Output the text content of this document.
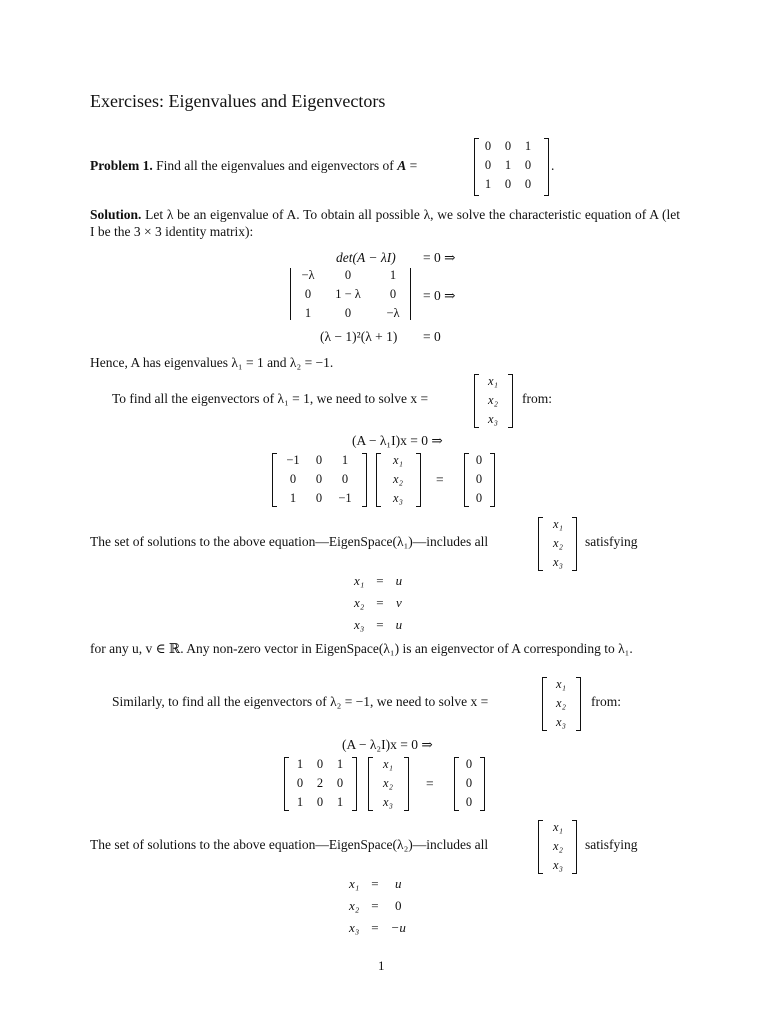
Exercises: Eigenvalues and Eigenvectors
Problem 1. Find all the eigenvalues and eigenvectors of A =
0	0	1
0	1	0
1	0	0
.
Solution. Let λ be an eigenvalue of A. To obtain all possible λ, we solve the characteristic equation of A (let I be the 3 × 3 identity matrix):
det(A − λI) = 0 ⇒
−λ	0	1
0	1 − λ	0
1	0	−λ
= 0 ⇒
(λ − 1)²(λ + 1) = 0
Hence, A has eigenvalues λ₁ = 1 and λ₂ = −1.
To find all the eigenvectors of λ₁ = 1, we need to solve x =
x₁
x₂
x₃
from:
(A − λ₁I)x = 0 ⇒
−1	0	1
0	0	0
1	0	−1
x₁
x₂
x₃
=
0
0
0
The set of solutions to the above equation—EigenSpace(λ₁)—includes all
x₁
x₂
x₃
satisfying
x₁	=	u
x₂	=	v
x₃	=	u
for any u, v ∈ ℝ. Any non-zero vector in EigenSpace(λ₁) is an eigenvector of A corresponding to λ₁.
Similarly, to find all the eigenvectors of λ₂ = −1, we need to solve x =
x₁
x₂
x₃
from:
(A − λ₂I)x = 0 ⇒
1	0	1
0	2	0
1	0	1
x₁
x₂
x₃
=
0
0
0
The set of solutions to the above equation—EigenSpace(λ₂)—includes all
x₁
x₂
x₃
satisfying
x₁	=	u
x₂	=	0
x₃	=	−u
1
